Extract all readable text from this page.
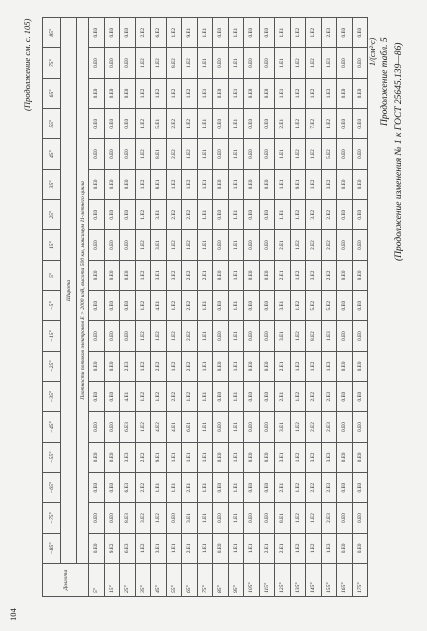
(Продолжение изменения № 1 к ГОСТ 25645.139—86)
Продолжение табл. 5
1/(см²·с)
104
(Продолжение см. с. 105)
Долгота	−85°	−75°	−65°	−55°	−45°	−35°	−25°	−15°	−5°	5°	15°	25°	35°	45°	55°	65°	75°	85°
	Широта																	
	Плотности потоков электронов E > 2000 кэВ, высота 500 км, максимум 11-летнего цикла																	
5°	0.E0	0.E0	0.E0	0.E0	0.E0	0.E0	0.E0	0.E0	0.E0	0.E0	0.E0	0.E0	0.E0	0.E0	0.E0	0.E0	0.E0	0.E0
15°	9.E2	0.E0	0.E0	0.E0	0.E0	0.E0	0.E0	0.E0	0.E0	0.E0	0.E0	0.E0	0.E0	0.E0	0.E0	0.E0	0.E0	0.E0
25°	6.E3	8.E3	6.E3	3.E3	6.E3	4.E1	2.E3	0.E0	0.E0	0.E0	0.E0	0.E0	0.E0	0.E0	0.E0	0.E0	0.E0	0.E0
35°	1.E2	3.E2	2.E2	2.E2	1.E2	1.E2	1.E2	1.E2	1.E2	1.E2	1.E2	1.E2	1.E2	1.E2	1.E2	1.E2	1.E2	2.E2
45°	3.E1	1.E2	1.E1	9.E1	4.E2	1.E2	2.E2	1.E2	4.E1	3.E1	3.E1	3.E1	8.E1	8.E1	5.E1	1.E2	1.E2	6.E2
55°	1.E1	0.E0	1.E1	1.E1	4.E1	2.E2	1.E2	1.E2	1.E2	3.E2	1.E2	2.E2	1.E2	2.E2	2.E2	1.E2	8.E2	1.E2
65°	2.E1	3.E1	2.E1	1.E1	6.E1	1.E2	2.E2	2.E2	2.E2	2.E2	1.E2	2.E2	1.E2	1.E2	1.E2	1.E2	1.E2	9.E1
75°	1.E1	1.E1	1.E1	1.E1	1.E1	1.E1	1.E1	1.E1	1.E1	2.E1	1.E1	1.E1	1.E1	1.E1	1.E1	1.E1	1.E1	1.E1
85°	0.E0	0.E0	0.E0	0.E0	0.E0	0.E0	0.E0	0.E0	0.E0	0.E0	0.E0	0.E0	0.E0	0.E0	0.E0	0.E0	0.E0	0.E0
95°	1.E1	1.E1	1.E1	1.E1	1.E1	1.E1	1.E1	1.E1	1.E1	1.E1	1.E1	1.E1	1.E1	1.E1	1.E1	1.E1	1.E1	1.E1
105°	1.E1	0.E0	0.E0	0.E0	0.E0	0.E0	0.E0	0.E0	0.E0	0.E0	0.E0	0.E0	0.E0	0.E0	0.E0	0.E0	0.E0	0.E0
115°	2.E1	0.E0	0.E0	0.E0	0.E0	0.E0	0.E0	0.E0	0.E0	0.E0	0.E0	0.E0	0.E0	0.E0	0.E0	0.E0	0.E0	0.E0
125°	2.E1	8.E1	2.E1	3.E1	3.E1	2.E1	2.E1	3.E1	3.E1	2.E1	2.E1	1.E1	1.E1	1.E1	2.E1	1.E1	1.E1	1.E1
135°	1.E2	1.E2	1.E2	1.E2	1.E2	1.E2	1.E2	1.E2	1.E2	1.E2	1.E2	1.E2	9.E1	1.E2	1.E2	1.E2	1.E2	1.E2
145°	1.E2	1.E2	2.E2	3.E2	2.E2	2.E2	1.E2	8.E2	5.E2	3.E2	2.E2	3.E2	1.E2	1.E2	7.E2	1.E2	1.E2	1.E2
155°	1.E3	2.E3	2.E3	3.E3	2.E3	2.E3	1.E3	1.E3	5.E2	2.E2	2.E2	2.E2	3.E2	5.E2	1.E2	1.E3	1.E3	2.E3
165°	0.E0	0.E0	0.E0	0.E0	0.E0	0.E0	0.E0	0.E0	0.E0	0.E0	0.E0	0.E0	0.E0	0.E0	0.E0	0.E0	0.E0	0.E0
175°	0.E0	0.E0	0.E0	0.E0	0.E0	0.E0	0.E0	0.E0	0.E0	0.E0	0.E0	0.E0	0.E0	0.E0	0.E0	0.E0	0.E0	0.E0
